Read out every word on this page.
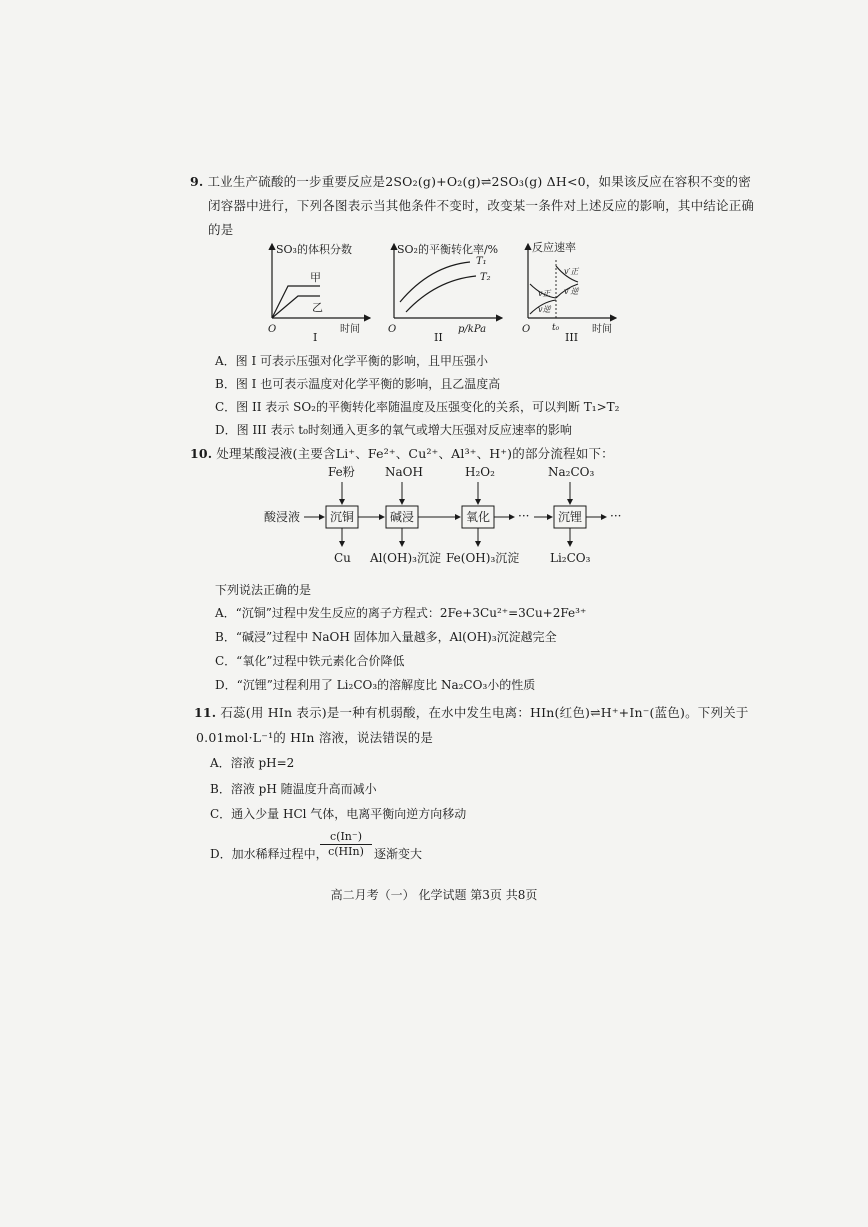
9. 工业生产硫酸的一步重要反应是2SO₂(g)+O₂(g)⇌2SO₃(g) ΔH<0，如果该反应在容积不变的密
闭容器中进行，下列各图表示当其他条件不变时，改变某一条件对上述反应的影响，其中结论正确
的是
SO₃的体积分数
甲
乙
O	时间
I
SO₂的平衡转化率/%
T₁
T₂
O	p/kPa
II
反应速率
v正
v逆
v′正
v′逆
O t₀	时间
III
A．图 I 可表示压强对化学平衡的影响，且甲压强小
B．图 I 也可表示温度对化学平衡的影响，且乙温度高
C．图 II 表示 SO₂的平衡转化率随温度及压强变化的关系，可以判断 T₁>T₂
D．图 III 表示 t₀时刻通入更多的氧气或增大压强对反应速率的影响
10. 处理某酸浸液(主要含Li⁺、Fe²⁺、Cu²⁺、Al³⁺、H⁺)的部分流程如下：
酸浸液 沉铜	碱浸	氧化 ··· 沉锂 ···
Fe粉	NaOH	H₂O₂	Na₂CO₃
Cu Al(OH)₃沉淀 Fe(OH)₃沉淀	Li₂CO₃
下列说法正确的是
A．“沉铜”过程中发生反应的离子方程式：2Fe+3Cu²⁺=3Cu+2Fe³⁺
B．“碱浸”过程中 NaOH 固体加入量越多，Al(OH)₃沉淀越完全
C．“氧化”过程中铁元素化合价降低
D．“沉锂”过程利用了 Li₂CO₃的溶解度比 Na₂CO₃小的性质
11. 石蕊(用 HIn 表示)是一种有机弱酸，在水中发生电离：HIn(红色)⇌H⁺+In⁻(蓝色)。下列关于
0.01mol·L⁻¹的 HIn 溶液，说法错误的是
A．溶液 pH=2
B．溶液 pH 随温度升高而减小
C．通入少量 HCl 气体，电离平衡向逆方向移动
D．加水稀释过程中，
c(In⁻)
c(HIn) 逐渐变大
高二月考（一） 化学试题 第3页 共8页
